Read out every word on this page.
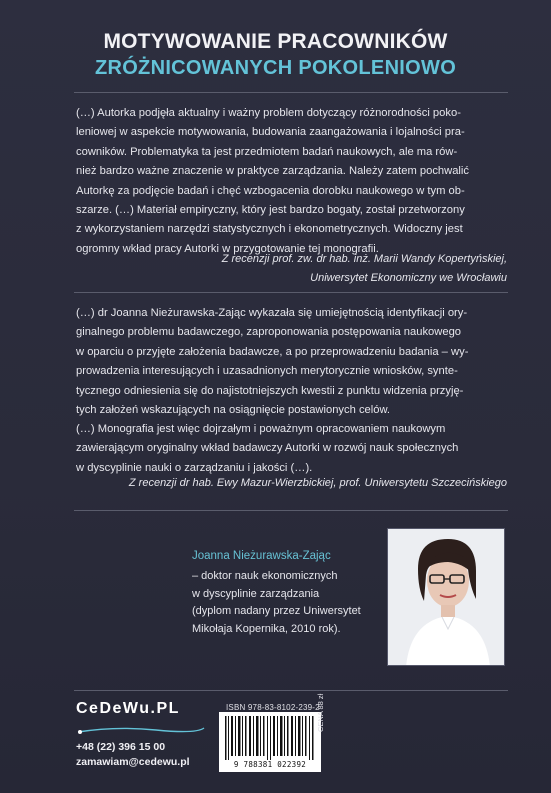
MOTYWOWANIE PRACOWNIKÓW
ZRÓŻNICOWANYCH POKOLENIOWO
(…) Autorka podjęła aktualny i ważny problem dotyczący różnorodności poko-
leniowej w aspekcie motywowania, budowania zaangażowania i lojalności pra-
cowników. Problematyka ta jest przedmiotem badań naukowych, ale ma rów-
nież bardzo ważne znaczenie w praktyce zarządzania. Należy zatem pochwalić
Autorkę za podjęcie badań i chęć wzbogacenia dorobku naukowego w tym ob-
szarze. (…) Materiał empiryczny, który jest bardzo bogaty, został przetworzony
z wykorzystaniem narzędzi statystycznych i ekonometrycznych. Widoczny jest
ogromny wkład pracy Autorki w przygotowanie tej monografii.
Z recenzji prof. zw. dr hab. inż. Marii Wandy Kopertyńskiej,
Uniwersytet Ekonomiczny we Wrocławiu
(…) dr Joanna Nieżurawska-Zając wykazała się umiejętnością identyfikacji ory-
ginalnego problemu badawczego, zaproponowania postępowania naukowego
w oparciu o przyjęte założenia badawcze, a po przeprowadzeniu badania – wy-
prowadzenia interesujących i uzasadnionych merytorycznie wniosków, synte-
tycznego odniesienia się do najistotniejszych kwestii z punktu widzenia przyję-
tych założeń wskazujących na osiągnięcie postawionych celów.
(…) Monografia jest więc dojrzałym i poważnym opracowaniem naukowym
zawierającym oryginalny wkład badawczy Autorki w rozwój nauk społecznych
w dyscyplinie nauki o zarządzaniu i jakości (…).
Z recenzji dr hab. Ewy Mazur-Wierzbickiej, prof. Uniwersytetu Szczecińskiego
Joanna Nieżurawska-Zając
– doktor nauk ekonomicznych
w dyscyplinie zarządzania
(dyplom nadany przez Uniwersytet
Mikołaja Kopernika, 2010 rok).
CeDeWu.PL
+48 (22) 396 15 00
zamawiam@cedewu.pl
ISBN 978-83-8102-239-2
9 788381 022392
CENA 88 zł
